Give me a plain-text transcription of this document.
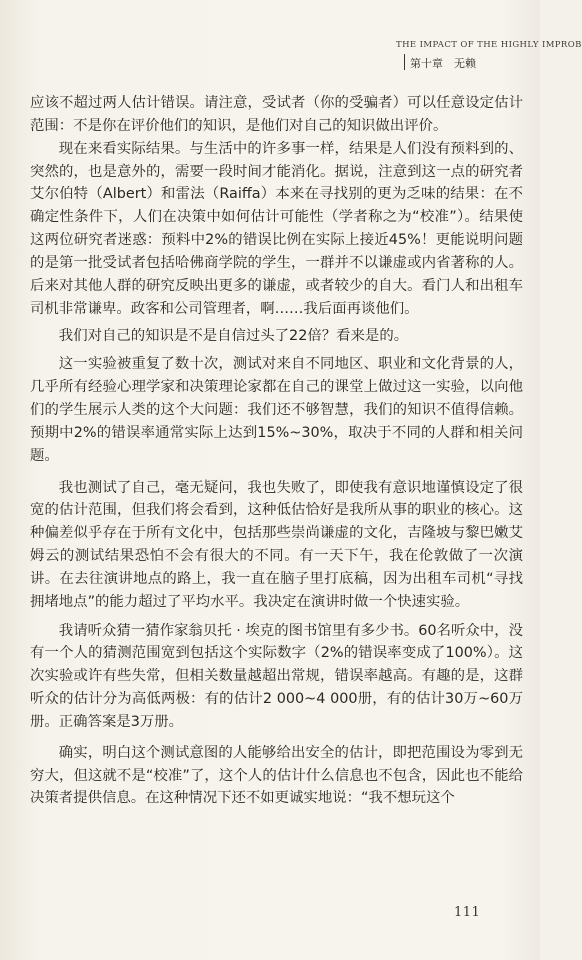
THE IMPACT OF THE HIGHLY IMPROB
第十章　无赖

应该不超过两人估计错误。请注意，受试者（你的受骗者）可以任意设定估计范围：不是你在评价他们的知识，是他们对自己的知识做出评价。

现在来看实际结果。与生活中的许多事一样，结果是人们没有预料到的、突然的，也是意外的，需要一段时间才能消化。据说，注意到这一点的研究者艾尔伯特（Albert）和雷法（Raiffa）本来在寻找别的更为乏味的结果：在不确定性条件下，人们在决策中如何估计可能性（学者称之为“校准”）。结果使这两位研究者迷惑：预料中2%的错误比例在实际上接近45%！更能说明问题的是第一批受试者包括哈佛商学院的学生，一群并不以谦虚或内省著称的人。后来对其他人群的研究反映出更多的谦虚，或者较少的自大。看门人和出租车司机非常谦卑。政客和公司管理者，啊……我后面再谈他们。

我们对自己的知识是不是自信过头了22倍？看来是的。

这一实验被重复了数十次，测试对来自不同地区、职业和文化背景的人，几乎所有经验心理学家和决策理论家都在自己的课堂上做过这一实验，以向他们的学生展示人类的这个大问题：我们还不够智慧，我们的知识不值得信赖。预期中2%的错误率通常实际上达到15%~30%，取决于不同的人群和相关问题。

我也测试了自己，毫无疑问，我也失败了，即使我有意识地谨慎设定了很宽的估计范围，但我们将会看到，这种低估恰好是我所从事的职业的核心。这种偏差似乎存在于所有文化中，包括那些崇尚谦虚的文化，吉隆坡与黎巴嫩艾姆云的测试结果恐怕不会有很大的不同。有一天下午，我在伦敦做了一次演讲。在去往演讲地点的路上，我一直在脑子里打底稿，因为出租车司机“寻找拥堵地点”的能力超过了平均水平。我决定在演讲时做一个快速实验。

我请听众猜一猜作家翁贝托 · 埃克的图书馆里有多少书。60名听众中，没有一个人的猜测范围宽到包括这个实际数字（2%的错误率变成了100%）。这次实验或许有些失常，但相关数量越超出常规，错误率越高。有趣的是，这群听众的估计分为高低两极：有的估计2 000~4 000册，有的估计30万~60万册。正确答案是3万册。

确实，明白这个测试意图的人能够给出安全的估计，即把范围设为零到无穷大，但这就不是“校准”了，这个人的估计什么信息也不包含，因此也不能给决策者提供信息。在这种情况下还不如更诚实地说：“我不想玩这个

111
